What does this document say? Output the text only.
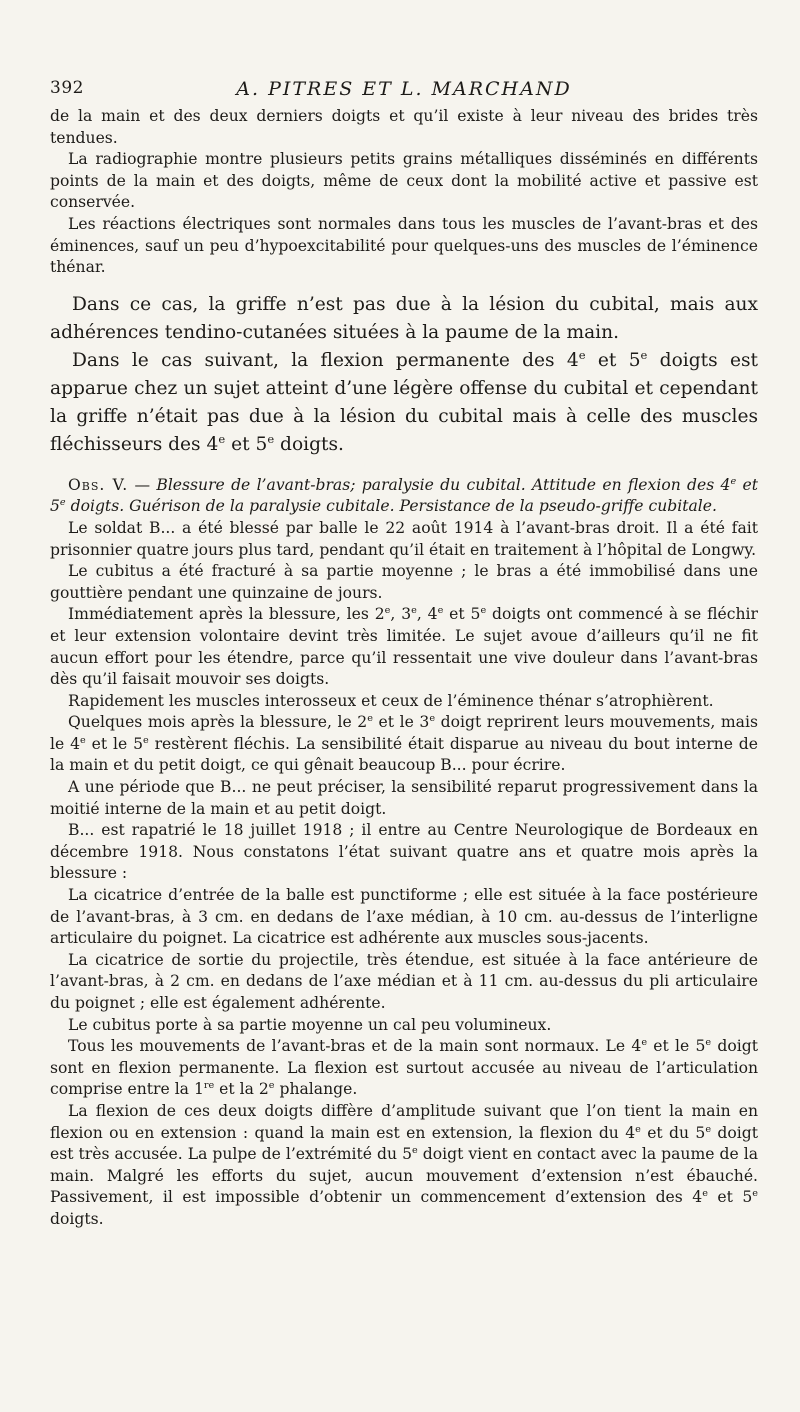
392	A. PITRES ET L. MARCHAND

de la main et des deux derniers doigts et qu’il existe à leur niveau des brides très tendues.

La radiographie montre plusieurs petits grains métalliques disséminés en différents points de la main et des doigts, même de ceux dont la mobilité active et passive est conservée.

Les réactions électriques sont normales dans tous les muscles de l’avant-bras et des éminences, sauf un peu d’hypoexcitabilité pour quelques-uns des muscles de l’éminence thénar.

Dans ce cas, la griffe n’est pas due à la lésion du cubital, mais aux adhérences tendino-cutanées situées à la paume de la main.

Dans le cas suivant, la flexion permanente des 4e et 5e doigts est apparue chez un sujet atteint d’une légère offense du cubital et cependant la griffe n’était pas due à la lésion du cubital mais à celle des muscles fléchisseurs des 4e et 5e doigts.

Obs. V. — Blessure de l’avant-bras; paralysie du cubital. Attitude en flexion des 4e et 5e doigts. Guérison de la paralysie cubitale. Persistance de la pseudo-griffe cubitale.

Le soldat B... a été blessé par balle le 22 août 1914 à l’avant-bras droit. Il a été fait prisonnier quatre jours plus tard, pendant qu’il était en traitement à l’hôpital de Longwy.

Le cubitus a été fracturé à sa partie moyenne ; le bras a été immobilisé dans une gouttière pendant une quinzaine de jours.

Immédiatement après la blessure, les 2e, 3e, 4e et 5e doigts ont commencé à se fléchir et leur extension volontaire devint très limitée. Le sujet avoue d’ailleurs qu’il ne fit aucun effort pour les étendre, parce qu’il ressentait une vive douleur dans l’avant-bras dès qu’il faisait mouvoir ses doigts.

Rapidement les muscles interosseux et ceux de l’éminence thénar s’atrophièrent.

Quelques mois après la blessure, le 2e et le 3e doigt reprirent leurs mouvements, mais le 4e et le 5e restèrent fléchis. La sensibilité était disparue au niveau du bout interne de la main et du petit doigt, ce qui gênait beaucoup B... pour écrire.

A une période que B... ne peut préciser, la sensibilité reparut progressivement dans la moitié interne de la main et au petit doigt.

B... est rapatrié le 18 juillet 1918 ; il entre au Centre Neurologique de Bordeaux en décembre 1918. Nous constatons l’état suivant quatre ans et quatre mois après la blessure :

La cicatrice d’entrée de la balle est punctiforme ; elle est située à la face postérieure de l’avant-bras, à 3 cm. en dedans de l’axe médian, à 10 cm. au-dessus de l’interligne articulaire du poignet. La cicatrice est adhérente aux muscles sous-jacents.

La cicatrice de sortie du projectile, très étendue, est située à la face antérieure de l’avant-bras, à 2 cm. en dedans de l’axe médian et à 11 cm. au-dessus du pli articulaire du poignet ; elle est également adhérente.

Le cubitus porte à sa partie moyenne un cal peu volumineux.

Tous les mouvements de l’avant-bras et de la main sont normaux. Le 4e et le 5e doigt sont en flexion permanente. La flexion est surtout accusée au niveau de l’articulation comprise entre la 1re et la 2e phalange.

La flexion de ces deux doigts diffère d’amplitude suivant que l’on tient la main en flexion ou en extension : quand la main est en extension, la flexion du 4e et du 5e doigt est très accusée. La pulpe de l’extrémité du 5e doigt vient en contact avec la paume de la main. Malgré les efforts du sujet, aucun mouvement d’extension n’est ébauché. Passivement, il est impossible d’obtenir un commencement d’extension des 4e et 5e doigts.
